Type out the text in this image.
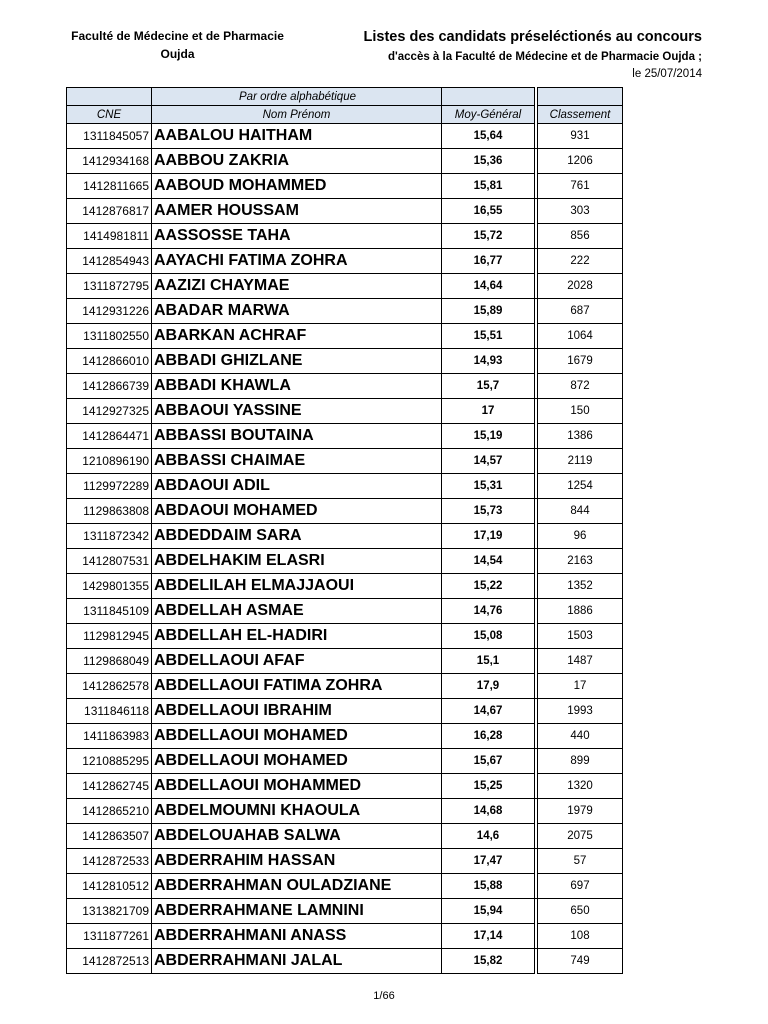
Faculté de Médecine et de Pharmacie
Oujda
Listes des candidats préseléctionés au concours
d'accès à la Faculté de Médecine et de Pharmacie Oujda ;
le 25/07/2014
	Par ordre alphabétique			
CNE	Nom Prénom	Moy-Général		Classement
1311845057	AABALOU HAITHAM	15,64		931
1412934168	AABBOU ZAKRIA	15,36		1206
1412811665	AABOUD MOHAMMED	15,81		761
1412876817	AAMER HOUSSAM	16,55		303
1414981811	AASSOSSE TAHA	15,72		856
1412854943	AAYACHI FATIMA ZOHRA	16,77		222
1311872795	AAZIZI CHAYMAE	14,64		2028
1412931226	ABADAR MARWA	15,89		687
1311802550	ABARKAN ACHRAF	15,51		1064
1412866010	ABBADI GHIZLANE	14,93		1679
1412866739	ABBADI KHAWLA	15,7		872
1412927325	ABBAOUI YASSINE	17		150
1412864471	ABBASSI BOUTAINA	15,19		1386
1210896190	ABBASSI CHAIMAE	14,57		2119
1129972289	ABDAOUI ADIL	15,31		1254
1129863808	ABDAOUI MOHAMED	15,73		844
1311872342	ABDEDDAIM SARA	17,19		96
1412807531	ABDELHAKIM ELASRI	14,54		2163
1429801355	ABDELILAH ELMAJJAOUI	15,22		1352
1311845109	ABDELLAH ASMAE	14,76		1886
1129812945	ABDELLAH EL-HADIRI	15,08		1503
1129868049	ABDELLAOUI AFAF	15,1		1487
1412862578	ABDELLAOUI FATIMA ZOHRA	17,9		17
1311846118	ABDELLAOUI IBRAHIM	14,67		1993
1411863983	ABDELLAOUI MOHAMED	16,28		440
1210885295	ABDELLAOUI MOHAMED	15,67		899
1412862745	ABDELLAOUI MOHAMMED	15,25		1320
1412865210	ABDELMOUMNI KHAOULA	14,68		1979
1412863507	ABDELOUAHAB SALWA	14,6		2075
1412872533	ABDERRAHIM HASSAN	17,47		57
1412810512	ABDERRAHMAN OULADZIANE	15,88		697
1313821709	ABDERRAHMANE LAMNINI	15,94		650
1311877261	ABDERRAHMANI ANASS	17,14		108
1412872513	ABDERRAHMANI JALAL	15,82		749
1/66
